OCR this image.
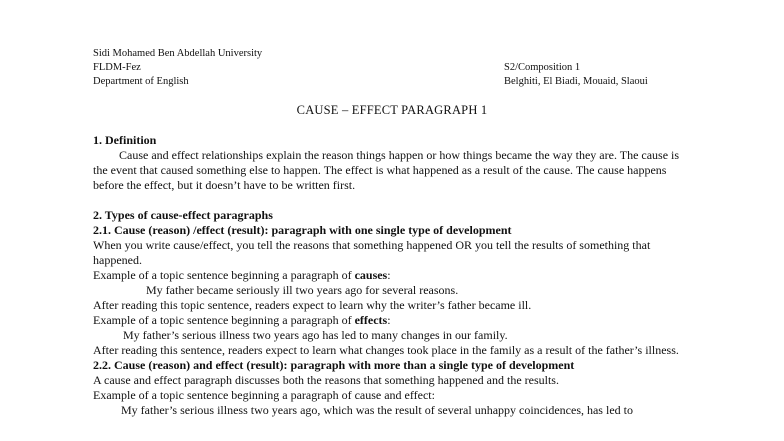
Sidi Mohamed Ben Abdellah University
FLDM-Fez
Department of English
S2/Composition 1
Belghiti, El Biadi, Mouaid, Slaoui
CAUSE – EFFECT PARAGRAPH 1

1. Definition

Cause and effect relationships explain the reason things happen or how things became the way they are. The cause is the event that caused something else to happen. The effect is what happened as a result of the cause. The cause happens before the effect, but it doesn’t have to be written first.

2. Types of cause-effect paragraphs

2.1. Cause (reason) /effect (result): paragraph with one single type of development

When you write cause/effect, you tell the reasons that something happened OR you tell the results of something that happened.

Example of a topic sentence beginning a paragraph of causes:

My father became seriously ill two years ago for several reasons.

After reading this topic sentence, readers expect to learn why the writer’s father became ill.

Example of a topic sentence beginning a paragraph of effects:

My father’s serious illness two years ago has led to many changes in our family.

After reading this sentence, readers expect to learn what changes took place in the family as a result of the father’s illness.

2.2. Cause (reason) and effect (result): paragraph with more than a single type of development

A cause and effect paragraph discusses both the reasons that something happened and the results.

Example of a topic sentence beginning a paragraph of cause and effect:

My father’s serious illness two years ago, which was the result of several unhappy coincidences, has led to
